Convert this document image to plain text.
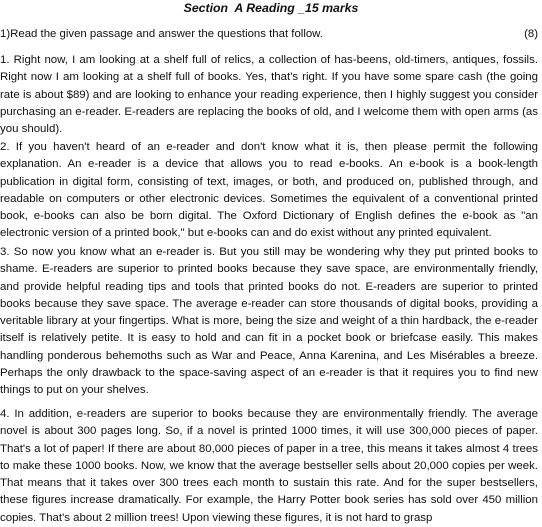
Section  A Reading _15 marks
1)Read the given passage and answer the questions that follow.	(8)

1. Right now, I am looking at a shelf full of relics, a collection of has-beens, old-timers, antiques, fossils. Right now I am looking at a shelf full of books. Yes, that's right. If you have some spare cash (the going rate is about $89) and are looking to enhance your reading experience, then I highly suggest you consider purchasing an e-reader. E-readers are replacing the books of old, and I welcome them with open arms (as you should).

2. If you haven't heard of an e-reader and don't know what it is, then please permit the following explanation. An e-reader is a device that allows you to read e-books. An e-book is a book-length publication in digital form, consisting of text, images, or both, and produced on, published through, and readable on computers or other electronic devices. Sometimes the equivalent of a conventional printed book, e-books can also be born digital. The Oxford Dictionary of English defines the e-book as "an electronic version of a printed book," but e-books can and do exist without any printed equivalent.

3. So now you know what an e-reader is. But you still may be wondering why they put printed books to shame. E-readers are superior to printed books because they save space, are environmentally friendly, and provide helpful reading tips and tools that printed books do not. E-readers are superior to printed books because they save space. The average e-reader can store thousands of digital books, providing a veritable library at your fingertips. What is more, being the size and weight of a thin hardback, the e-reader itself is relatively petite. It is easy to hold and can fit in a pocket book or briefcase easily. This makes handling ponderous behemoths such as War and Peace, Anna Karenina, and Les Misérables a breeze. Perhaps the only drawback to the space-saving aspect of an e-reader is that it requires you to find new things to put on your shelves.

4. In addition, e-readers are superior to books because they are environmentally friendly. The average novel is about 300 pages long. So, if a novel is printed 1000 times, it will use 300,000 pieces of paper. That's a lot of paper! If there are about 80,000 pieces of paper in a tree, this means it takes almost 4 trees to make these 1000 books. Now, we know that the average bestseller sells about 20,000 copies per week. That means that it takes over 300 trees each month to sustain this rate. And for the super bestsellers, these figures increase dramatically. For example, the Harry Potter book series has sold over 450 million copies. That's about 2 million trees! Upon viewing these figures, it is not hard to grasp
